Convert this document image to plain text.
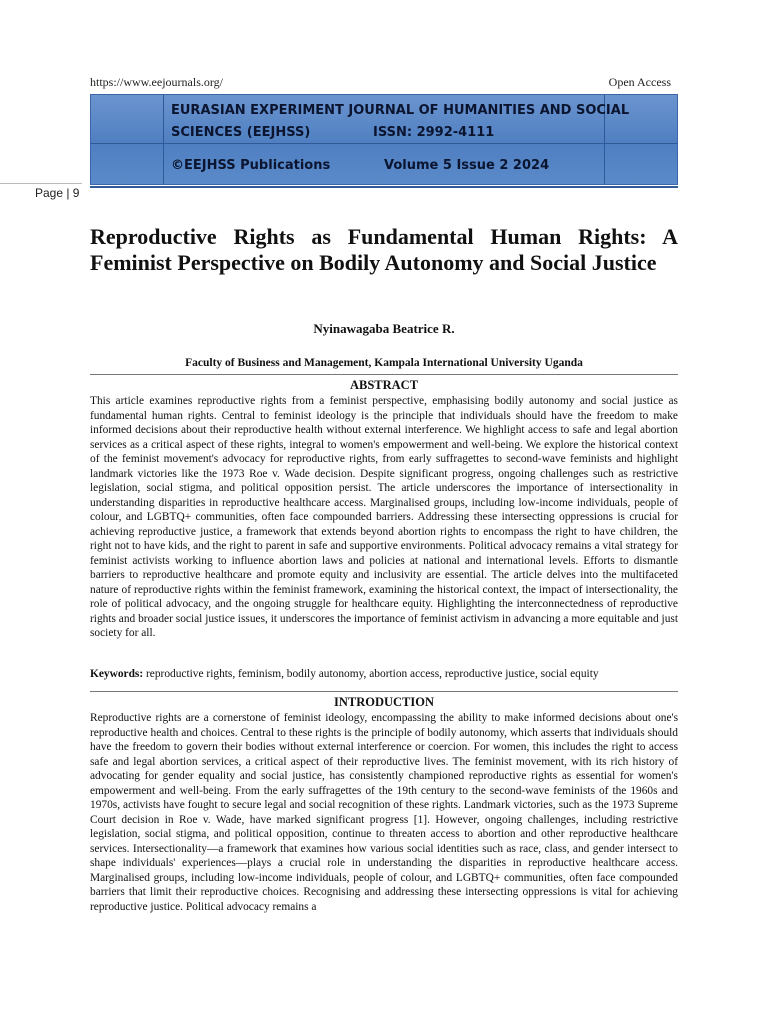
https://www.eejournals.org/	Open Access
EURASIAN EXPERIMENT JOURNAL OF HUMANITIES AND SOCIAL
SCIENCES (EEJHSS)	ISSN: 2992-4111
©EEJHSS Publications	Volume 5 Issue 2 2024
Page | 9
Reproductive Rights as Fundamental Human Rights: A Feminist Perspective on Bodily Autonomy and Social Justice
Nyinawagaba Beatrice R.
Faculty of Business and Management, Kampala International University Uganda
ABSTRACT

This article examines reproductive rights from a feminist perspective, emphasising bodily autonomy and social justice as fundamental human rights. Central to feminist ideology is the principle that individuals should have the freedom to make informed decisions about their reproductive health without external interference. We highlight access to safe and legal abortion services as a critical aspect of these rights, integral to women's empowerment and well-being. We explore the historical context of the feminist movement's advocacy for reproductive rights, from early suffragettes to second-wave feminists and highlight landmark victories like the 1973 Roe v. Wade decision. Despite significant progress, ongoing challenges such as restrictive legislation, social stigma, and political opposition persist. The article underscores the importance of intersectionality in understanding disparities in reproductive healthcare access. Marginalised groups, including low-income individuals, people of colour, and LGBTQ+ communities, often face compounded barriers. Addressing these intersecting oppressions is crucial for achieving reproductive justice, a framework that extends beyond abortion rights to encompass the right to have children, the right not to have kids, and the right to parent in safe and supportive environments. Political advocacy remains a vital strategy for feminist activists working to influence abortion laws and policies at national and international levels. Efforts to dismantle barriers to reproductive healthcare and promote equity and inclusivity are essential. The article delves into the multifaceted nature of reproductive rights within the feminist framework, examining the historical context, the impact of intersectionality, the role of political advocacy, and the ongoing struggle for healthcare equity. Highlighting the interconnectedness of reproductive rights and broader social justice issues, it underscores the importance of feminist activism in advancing a more equitable and just society for all.

Keywords: reproductive rights, feminism, bodily autonomy, abortion access, reproductive justice, social equity
INTRODUCTION

Reproductive rights are a cornerstone of feminist ideology, encompassing the ability to make informed decisions about one's reproductive health and choices. Central to these rights is the principle of bodily autonomy, which asserts that individuals should have the freedom to govern their bodies without external interference or coercion. For women, this includes the right to access safe and legal abortion services, a critical aspect of their reproductive lives. The feminist movement, with its rich history of advocating for gender equality and social justice, has consistently championed reproductive rights as essential for women's empowerment and well-being. From the early suffragettes of the 19th century to the second-wave feminists of the 1960s and 1970s, activists have fought to secure legal and social recognition of these rights. Landmark victories, such as the 1973 Supreme Court decision in Roe v. Wade, have marked significant progress [1]. However, ongoing challenges, including restrictive legislation, social stigma, and political opposition, continue to threaten access to abortion and other reproductive healthcare services. Intersectionality—a framework that examines how various social identities such as race, class, and gender intersect to shape individuals' experiences—plays a crucial role in understanding the disparities in reproductive healthcare access. Marginalised groups, including low-income individuals, people of colour, and LGBTQ+ communities, often face compounded barriers that limit their reproductive choices. Recognising and addressing these intersecting oppressions is vital for achieving reproductive justice. Political advocacy remains a
